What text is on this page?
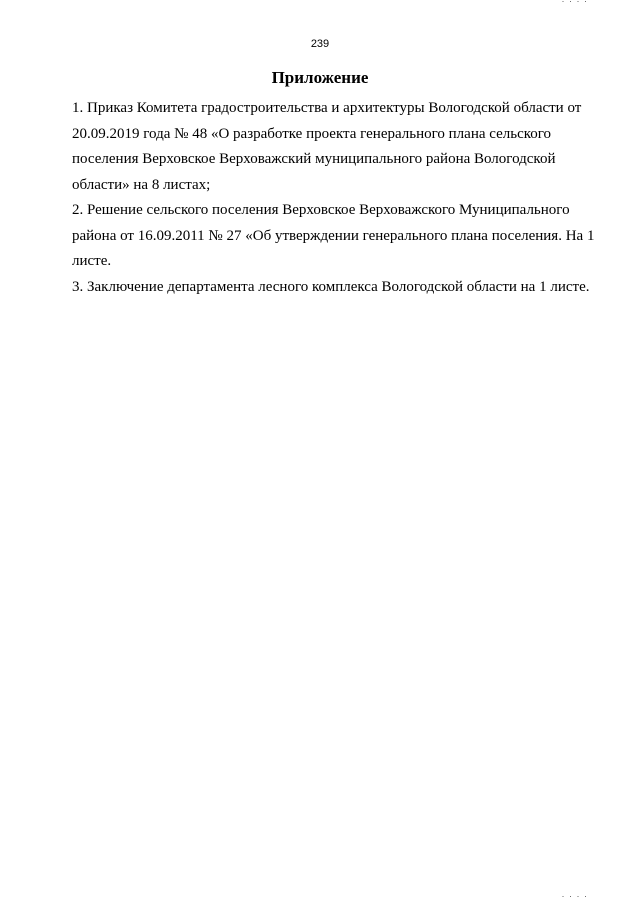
· · · ·
239
Приложение

1. Приказ Комитета градостроительства и архитектуры Вологодской области от 20.09.2019 года № 48 «О разработке проекта генерального плана сельского поселения Верховское Верховажский муниципального района Вологодской области» на 8 листах;

2. Решение сельского поселения Верховское Верховажского Муниципального района от 16.09.2011 № 27 «Об утверждении генерального плана поселения. На 1 листе.

3. Заключение департамента лесного комплекса Вологодской области на 1 листе.

· · · ·
